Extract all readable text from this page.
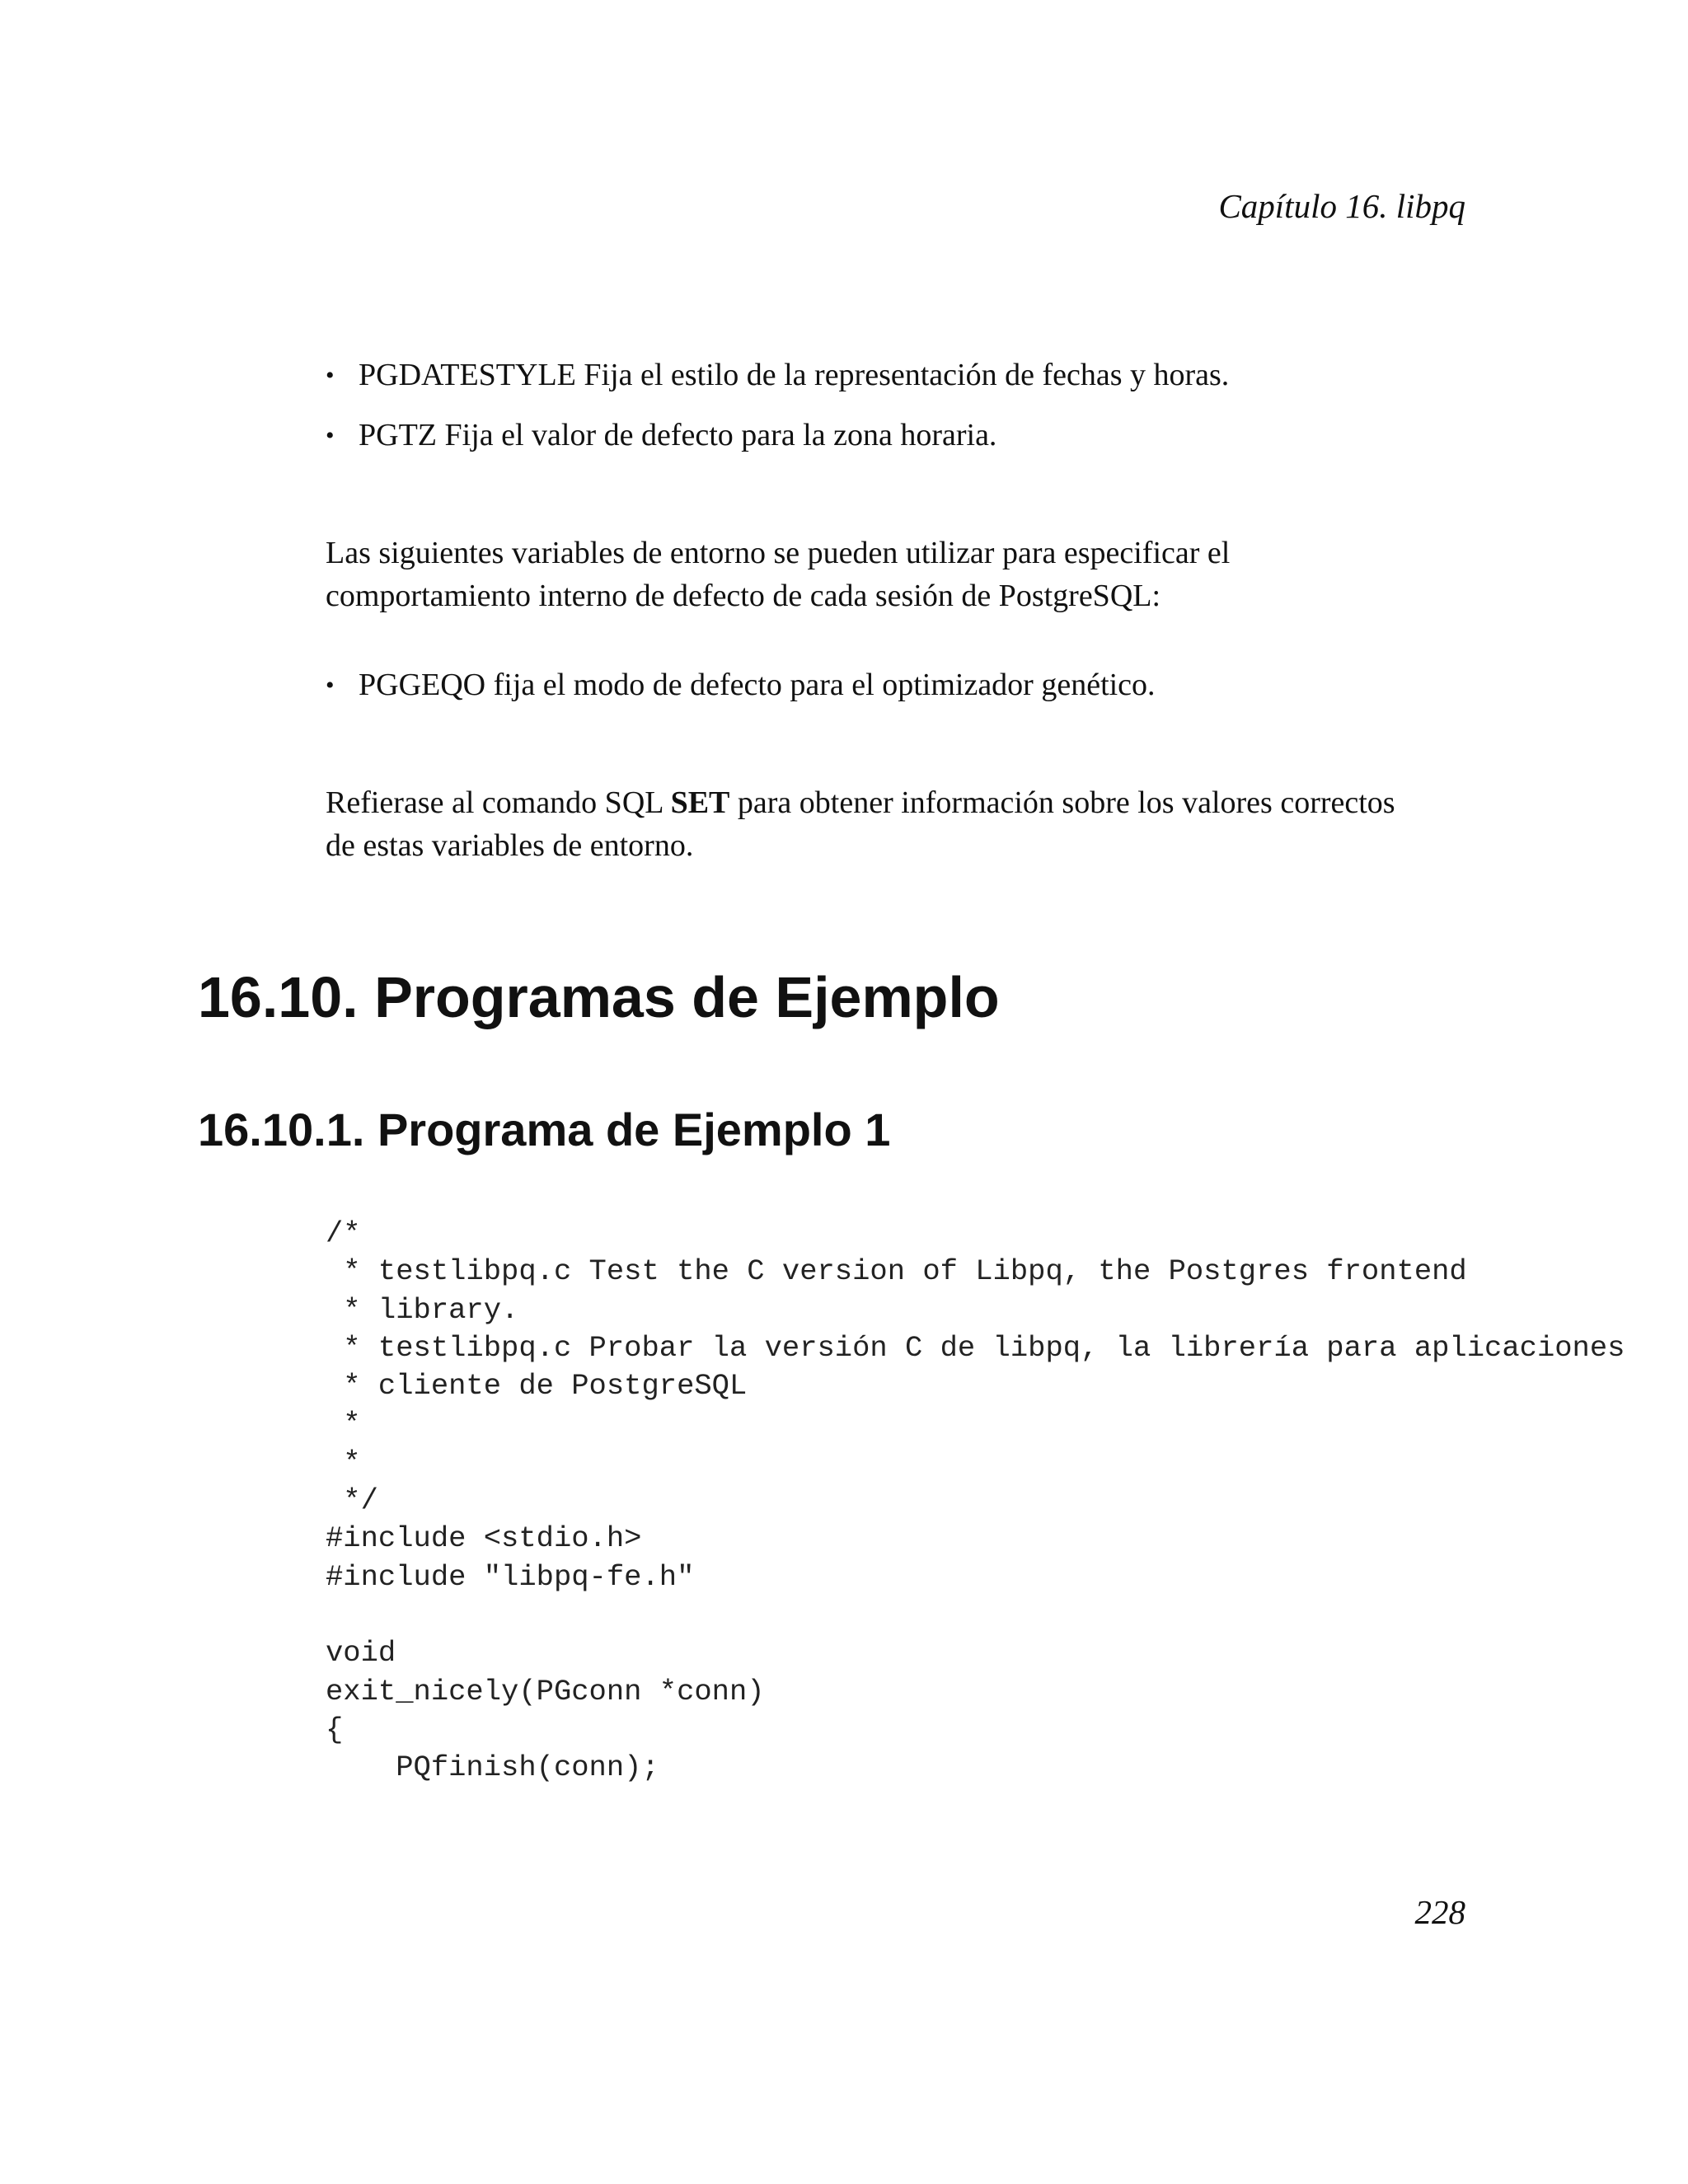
Capítulo 16. libpq
• PGDATESTYLE Fija el estilo de la representación de fechas y horas.
• PGTZ Fija el valor de defecto para la zona horaria.

Las siguientes variables de entorno se pueden utilizar para especificar el
comportamiento interno de defecto de cada sesión de PostgreSQL:

• PGGEQO fija el modo de defecto para el optimizador genético.

Refierase al comando SQL SET para obtener información sobre los valores correctos
de estas variables de entorno.

16.10. Programas de Ejemplo
16.10.1. Programa de Ejemplo 1
/*
* testlibpq.c Test the C version of Libpq, the Postgres frontend
* library.
* testlibpq.c Probar la versión C de libpq, la librería para aplicaciones
* cliente de PostgreSQL
*
*
*/
#include <stdio.h>
#include "libpq-fe.h"

void
exit_nicely(PGconn *conn)
{
PQfinish(conn);
228
